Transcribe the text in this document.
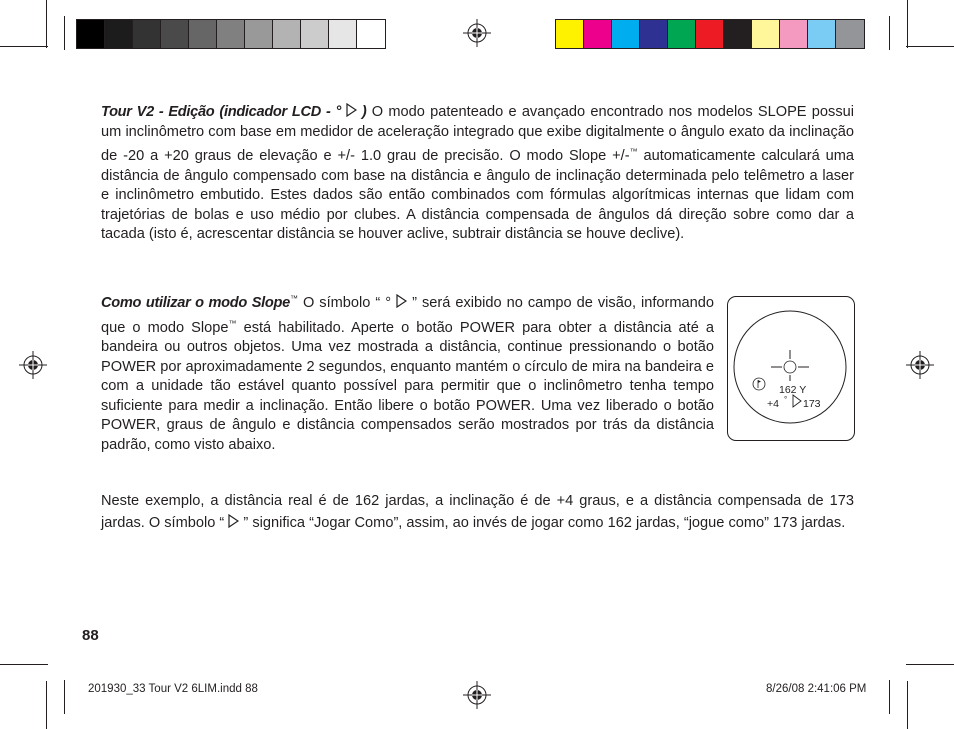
Tour V2 - Edição (indicador LCD - °  ) O modo patenteado e avançado encontrado nos modelos SLOPE possui um inclinômetro com base em medidor de aceleração integrado que exibe digitalmente o ângulo exato da inclinação de -20 a +20 graus de elevação e +/- 1.0 grau de precisão. O modo Slope +/-™ automaticamente calculará uma distância de ângulo compensado com base na distância e ângulo de inclinação determinada pelo telêmetro a laser e inclinômetro embutido. Estes dados são então combinados com fórmulas algorítmicas internas que lidam com trajetórias de bolas e uso médio por clubes. A distância compensada de ângulos dá direção sobre como dar a tacada (isto é, acrescentar distância se houver aclive, subtrair distância se houve declive).

Como utilizar o modo Slope™ O símbolo “ °  ” será exibido no campo de visão, informando que o modo Slope™ está habilitado. Aperte o botão POWER para obter a distância até a bandeira ou outros objetos. Uma vez mostrada a distância, continue pressionando o botão POWER por aproximadamente 2 segundos, enquanto mantém o círculo de mira na bandeira e com a unidade tão estável quanto possível para permitir que o inclinômetro tenha tempo suficiente para medir a inclinação. Então libere o botão POWER. Uma vez liberado o botão POWER, graus de ângulo e distância compensados serão mostrados por trás da distância padrão, como visto abaixo.

162 Y
+4 ° 173

Neste exemplo, a distância real é de 162 jardas, a inclinação é de +4 graus, e a distância compensada de 173 jardas. O símbolo “  ” significa “Jogar Como”, assim, ao invés de jogar como 162 jardas, “jogue como” 173 jardas.

88
201930_33 Tour V2 6LIM.indd 88	8/26/08 2:41:06 PM
